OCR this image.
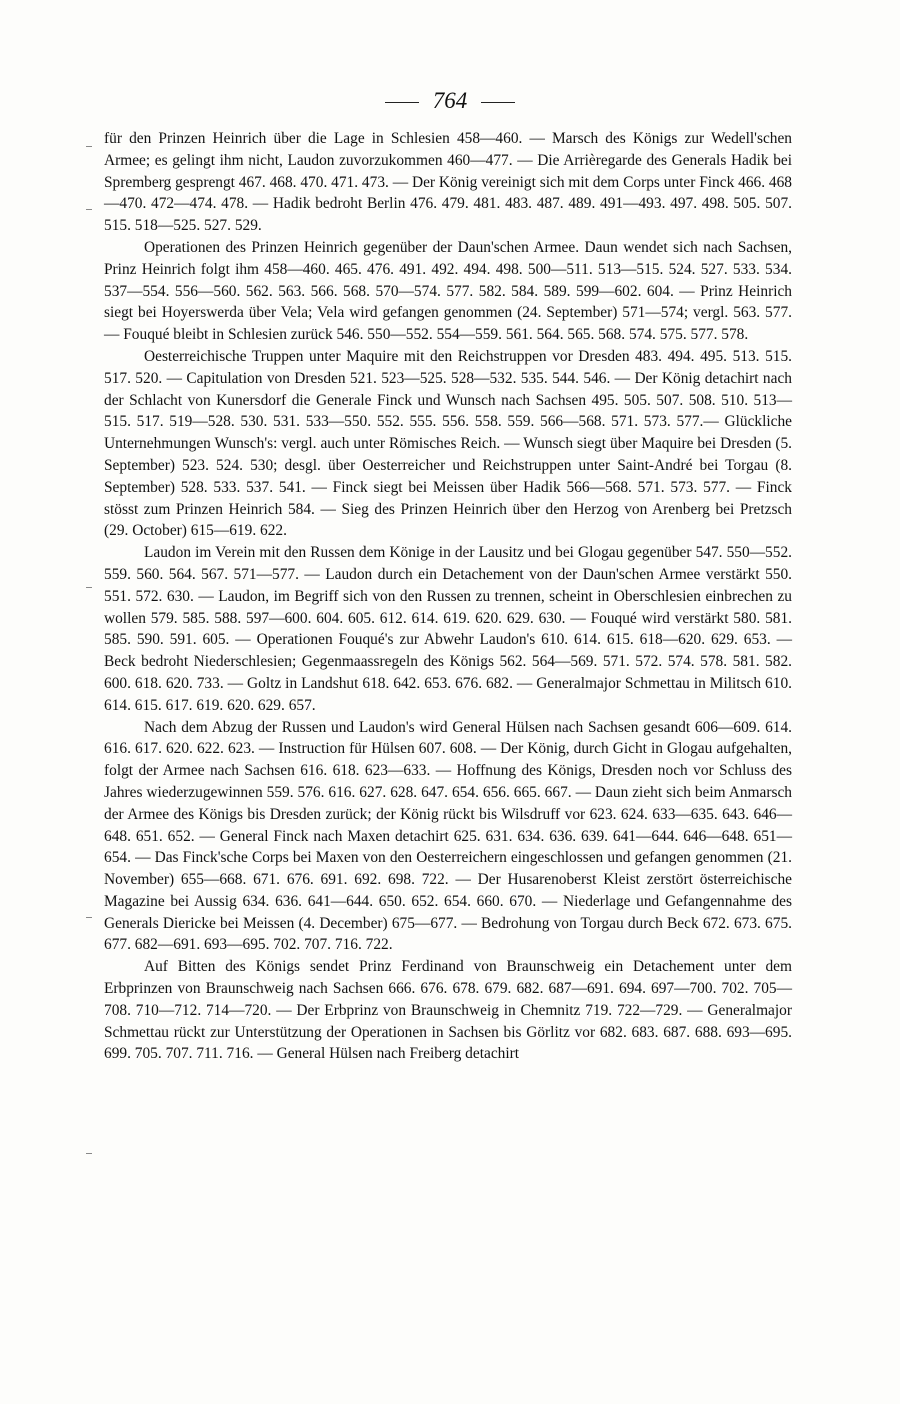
764

für den Prinzen Heinrich über die Lage in Schlesien 458—460. — Marsch des Königs zur Wedell'schen Armee; es gelingt ihm nicht, Laudon zuvorzukommen 460—477. — Die Arrièregarde des Generals Hadik bei Spremberg gesprengt 467. 468. 470. 471. 473. — Der König vereinigt sich mit dem Corps unter Finck 466. 468—470. 472—474. 478. — Hadik bedroht Berlin 476. 479. 481. 483. 487. 489. 491—493. 497. 498. 505. 507. 515. 518—525. 527. 529.

Operationen des Prinzen Heinrich gegenüber der Daun'schen Armee. Daun wendet sich nach Sachsen, Prinz Heinrich folgt ihm 458—460. 465. 476. 491. 492. 494. 498. 500—511. 513—515. 524. 527. 533. 534. 537—554. 556—560. 562. 563. 566. 568. 570—574. 577. 582. 584. 589. 599—602. 604. — Prinz Heinrich siegt bei Hoyerswerda über Vela; Vela wird gefangen genommen (24. September) 571—574; vergl. 563. 577. — Fouqué bleibt in Schlesien zurück 546. 550—552. 554—559. 561. 564. 565. 568. 574. 575. 577. 578.

Oesterreichische Truppen unter Maquire mit den Reichstruppen vor Dresden 483. 494. 495. 513. 515. 517. 520. — Capitulation von Dresden 521. 523—525. 528—532. 535. 544. 546. — Der König detachirt nach der Schlacht von Kunersdorf die Generale Finck und Wunsch nach Sachsen 495. 505. 507. 508. 510. 513—515. 517. 519—528. 530. 531. 533—550. 552. 555. 556. 558. 559. 566—568. 571. 573. 577.— Glückliche Unternehmungen Wunsch's: vergl. auch unter Römisches Reich. — Wunsch siegt über Maquire bei Dresden (5. September) 523. 524. 530; desgl. über Oesterreicher und Reichstruppen unter Saint-André bei Torgau (8. September) 528. 533. 537. 541. — Finck siegt bei Meissen über Hadik 566—568. 571. 573. 577. — Finck stösst zum Prinzen Heinrich 584. — Sieg des Prinzen Heinrich über den Herzog von Arenberg bei Pretzsch (29. October) 615—619. 622.

Laudon im Verein mit den Russen dem Könige in der Lausitz und bei Glogau gegenüber 547. 550—552. 559. 560. 564. 567. 571—577. — Laudon durch ein Detachement von der Daun'schen Armee verstärkt 550. 551. 572. 630. — Laudon, im Begriff sich von den Russen zu trennen, scheint in Oberschlesien einbrechen zu wollen 579. 585. 588. 597—600. 604. 605. 612. 614. 619. 620. 629. 630. — Fouqué wird verstärkt 580. 581. 585. 590. 591. 605. — Operationen Fouqué's zur Abwehr Laudon's 610. 614. 615. 618—620. 629. 653. — Beck bedroht Niederschlesien; Gegenmaassregeln des Königs 562. 564—569. 571. 572. 574. 578. 581. 582. 600. 618. 620. 733. — Goltz in Landshut 618. 642. 653. 676. 682. — Generalmajor Schmettau in Militsch 610. 614. 615. 617. 619. 620. 629. 657.

Nach dem Abzug der Russen und Laudon's wird General Hülsen nach Sachsen gesandt 606—609. 614. 616. 617. 620. 622. 623. — Instruction für Hülsen 607. 608. — Der König, durch Gicht in Glogau aufgehalten, folgt der Armee nach Sachsen 616. 618. 623—633. — Hoffnung des Königs, Dresden noch vor Schluss des Jahres wiederzugewinnen 559. 576. 616. 627. 628. 647. 654. 656. 665. 667. — Daun zieht sich beim Anmarsch der Armee des Königs bis Dresden zurück; der König rückt bis Wilsdruff vor 623. 624. 633—635. 643. 646—648. 651. 652. — General Finck nach Maxen detachirt 625. 631. 634. 636. 639. 641—644. 646—648. 651—654. — Das Finck'sche Corps bei Maxen von den Oesterreichern eingeschlossen und gefangen genommen (21. November) 655—668. 671. 676. 691. 692. 698. 722. — Der Husarenoberst Kleist zerstört österreichische Magazine bei Aussig 634. 636. 641—644. 650. 652. 654. 660. 670. — Niederlage und Gefangennahme des Generals Diericke bei Meissen (4. December) 675—677. — Bedrohung von Torgau durch Beck 672. 673. 675. 677. 682—691. 693—695. 702. 707. 716. 722.

Auf Bitten des Königs sendet Prinz Ferdinand von Braunschweig ein Detachement unter dem Erbprinzen von Braunschweig nach Sachsen 666. 676. 678. 679. 682. 687—691. 694. 697—700. 702. 705—708. 710—712. 714—720. — Der Erbprinz von Braunschweig in Chemnitz 719. 722—729. — Generalmajor Schmettau rückt zur Unterstützung der Operationen in Sachsen bis Görlitz vor 682. 683. 687. 688. 693—695. 699. 705. 707. 711. 716. — General Hülsen nach Freiberg detachirt
